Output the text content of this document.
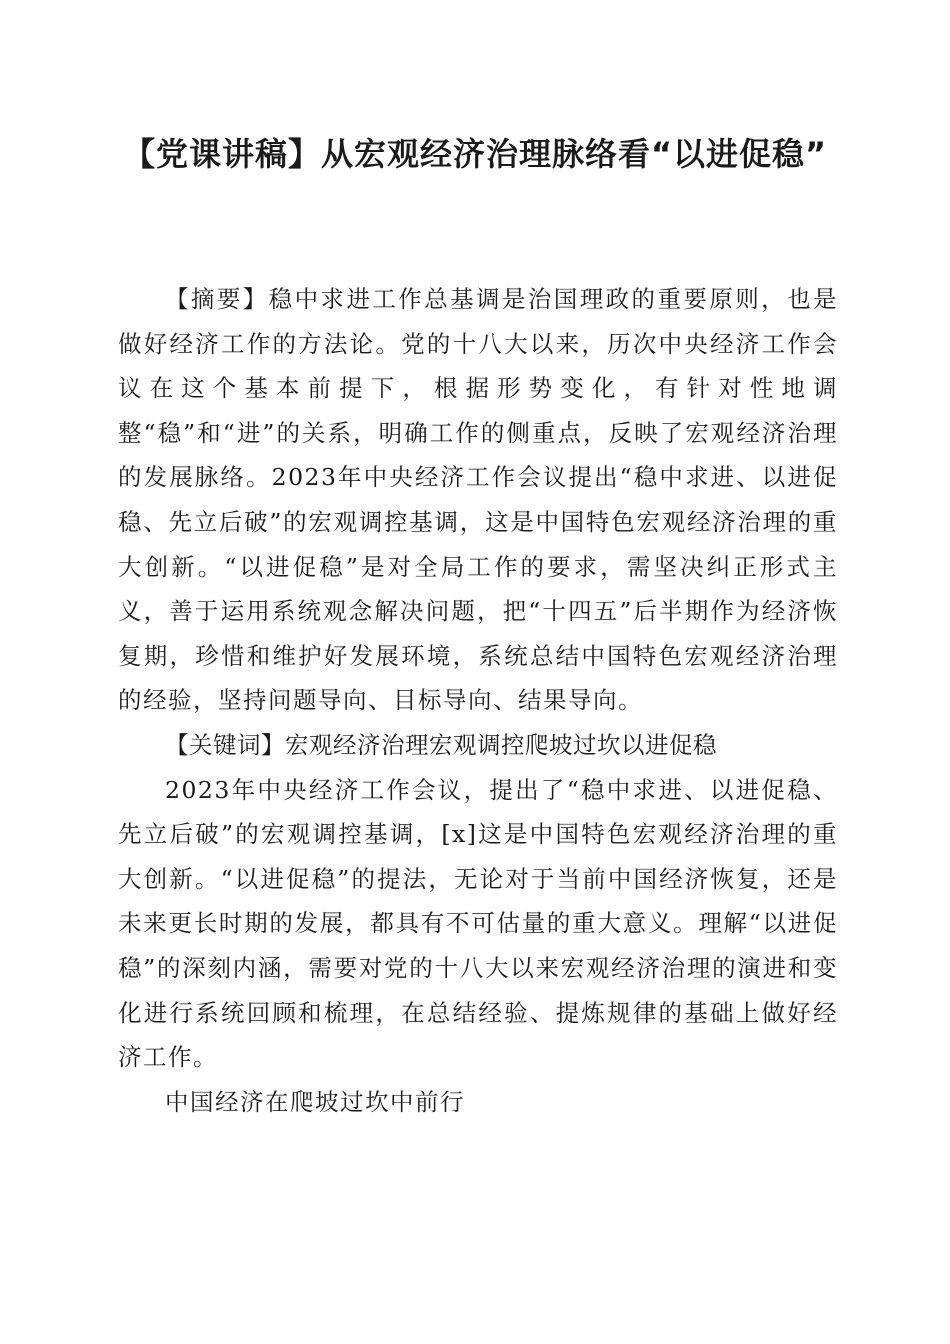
【党课讲稿】从宏观经济治理脉络看“以进促稳”

【摘要】稳中求进工作总基调是治国理政的重要原则，也是做好经济工作的方法论。党的十八大以来，历次中央经济工作会议在这个基本前提下，根据形势变化，有针对性地调整“稳”和“进”的关系，明确工作的侧重点，反映了宏观经济治理的发展脉络。2023年中央经济工作会议提出“稳中求进、以进促稳、先立后破”的宏观调控基调，这是中国特色宏观经济治理的重大创新。“以进促稳”是对全局工作的要求，需坚决纠正形式主义，善于运用系统观念解决问题，把“十四五”后半期作为经济恢复期，珍惜和维护好发展环境，系统总结中国特色宏观经济治理的经验，坚持问题导向、目标导向、结果导向。

【关键词】宏观经济治理宏观调控爬坡过坎以进促稳

2023年中央经济工作会议，提出了“稳中求进、以进促稳、先立后破”的宏观调控基调，[x]这是中国特色宏观经济治理的重大创新。“以进促稳”的提法，无论对于当前中国经济恢复，还是未来更长时期的发展，都具有不可估量的重大意义。理解“以进促稳”的深刻内涵，需要对党的十八大以来宏观经济治理的演进和变化进行系统回顾和梳理，在总结经验、提炼规律的基础上做好经济工作。

中国经济在爬坡过坎中前行
